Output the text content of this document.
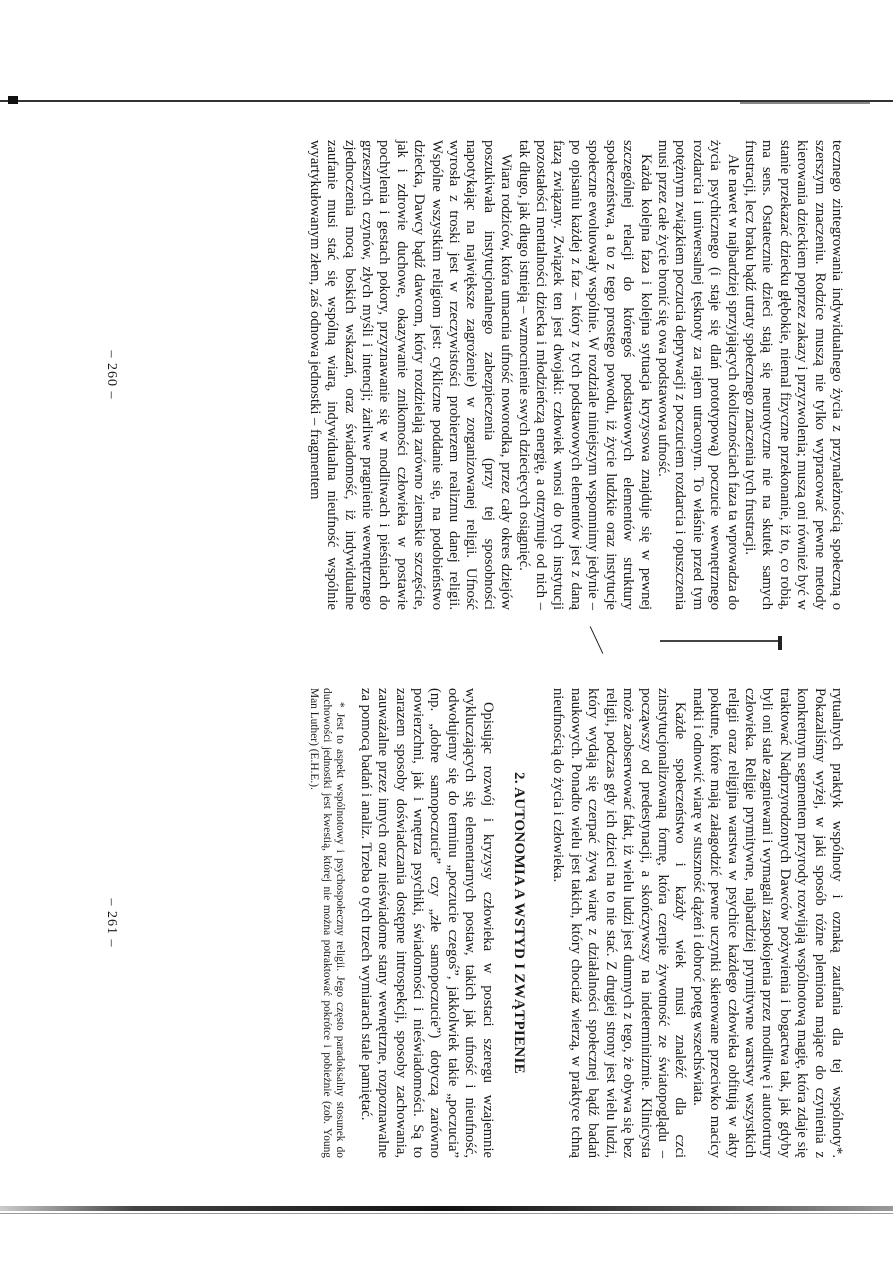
tecznego zintegrowania indywidualnego życia z przynależnością społeczną o szerszym znaczeniu. Rodzice muszą nie tylko wypracować pewne metody kierowania dzieckiem poprzez zakazy i przyzwolenia; muszą oni również być w stanie przekazać dziecku głębokie, niemal fizyczne przekonanie, iż to, co robią, ma sens. Ostatecznie dzieci stają się neurotyczne nie na skutek samych frustracji, lecz braku bądź utraty społecznego znaczenia tych frustracji.

Ale nawet w najbardziej sprzyjających okolicznościach faza ta wprowadza do życia psychicznego (i staje się dlań prototypową) poczucie wewnętrznego rozdarcia i uniwersalnej tęsknoty za rajem utraconym. To właśnie przed tym potężnym związkiem poczucia deprywacji z poczuciem rozdarcia i opuszczenia musi przez całe życie bronić się owa podstawowa ufność.

Każda kolejna faza i kolejna sytuacja kryzysowa znajduje się w pewnej szczególnej relacji do któregoś podstawowych elementów struktury społeczeństwa, a to z tego prostego powodu, iż życie ludzkie oraz instytucje społeczne ewoluowały wspólnie. W rozdziale niniejszym wspomnimy jedynie – po opisaniu każdej z faz – który z tych podstawowych elementów jest z daną fazą związany. Związek ten jest dwojaki: człowiek wnosi do tych instytucji pozostałości mentalności dziecka i młodzieńczą energię, a otrzymuje od nich – tak długo, jak długo istnieją – wzmocnienie swych dziecięcych osiągnięć.

Wiara rodziców, która umacnia ufność noworodka, przez cały okres dziejów poszukiwała instytucjonalnego zabezpieczenia (przy tej sposobności napotykając na największe zagrożenie) w zorganizowanej religii. Ufność wyrosła z troski jest w rzeczywistości probierzem realizmu danej religii. Wspólne wszystkim religiom jest: cykliczne poddanie się, na podobieństwo dziecka, Dawcy bądź dawcom, który rozdzielają zarówno ziemskie szczęście, jak i zdrowie duchowe, okazywanie znikomości człowieka w postawie pochylenia i gestach pokory, przyznawanie się w modlitwach i pieśniach do grzesznych czynów, złych myśli i intencji; żarliwe pragnienie wewnętrznego zjednoczenia mocą boskich wskazań, oraz świadomość, iż indywidualne zaufanie musi stać się wspólną wiarą, indywidualna nieufność wspólnie wyartykułowanym złem, zaś odnowa jednostki – fragmentem

– 260 –

rytualnych praktyk wspólnoty i oznaką zaufania dla tej wspólnoty*. Pokazaliśmy wyżej, w jaki sposób różne plemiona mające do czynienia z konkretnym segmentem przyrody rozwijają wspólnotową magię, która zdaje się traktować Nadprzyrodzonych Dawców pożywienia i bogactwa tak, jak gdyby byli oni stale zagniewani i wymagali zaspokojenia przez modlitwę i autotortury człowieka. Religie prymitywne, najbardziej prymitywne warstwy wszystkich religii oraz religijna warstwa w psychice każdego człowieka obfitują w akty pokutne, które mają załagodzić pewne uczynki skierowane przeciwko macicy matki i odnowić wiarę w stuszność dążeń i dobroć potęg wszechświata.

Każde społeczeństwo i każdy wiek musi znaleźć dla czci zinstytucjonalizowaną formę, która czerpie żywotność ze światopoglądu – począwszy od predestynacji, a skończywszy na indeterminizmie. Klinicysta może zaobserwować fakt, iż wielu ludzi jest dumnych z tego, że obywa się bez religii, podczas gdy ich dzieci na to nie stać. Z drugiej strony jest wielu ludzi, który wydają się czerpać żywą wiarę z działalności społecznej bądź badań naukowych. Ponadto wielu jest takich, który chociaż wierzą, w praktyce tchną nieufnością do życia i człowieka.

2. AUTONOMIA A WSTYD I ZWĄTPIENIE

Opisując rozwój i kryzysy człowieka w postaci szeregu wzajemnie wykluczających się elementarnych postaw, takich jak ufność i nieufność, odwołujemy się do terminu „poczucie czegoś”, jakkolwiek takie „poczucia” (np. „dobre samopoczucie” czy „złe samopoczucie”) dotyczą zarówno powierzchni, jak i wnętrza psychiki, świadomości i nieświadomości. Są to zarazem sposoby doświadczania dostępne introspekcji, sposoby zachowania, zauważalne przez innych oraz nieświadome stany wewnętrzne, rozpoznawalne za pomocą badań i analiz. Trzeba o tych trzech wymiarach stale pamiętać.

* Jest to aspekt wspólnotowy i psychospołeczny religii. Jego często paradoksalny stosunek do duchowości jednostki jest kwestią, której nie można potraktować pokrótce i pobieżnie (zob. Young Man Luther) (E.H.E.).
– 261 –
